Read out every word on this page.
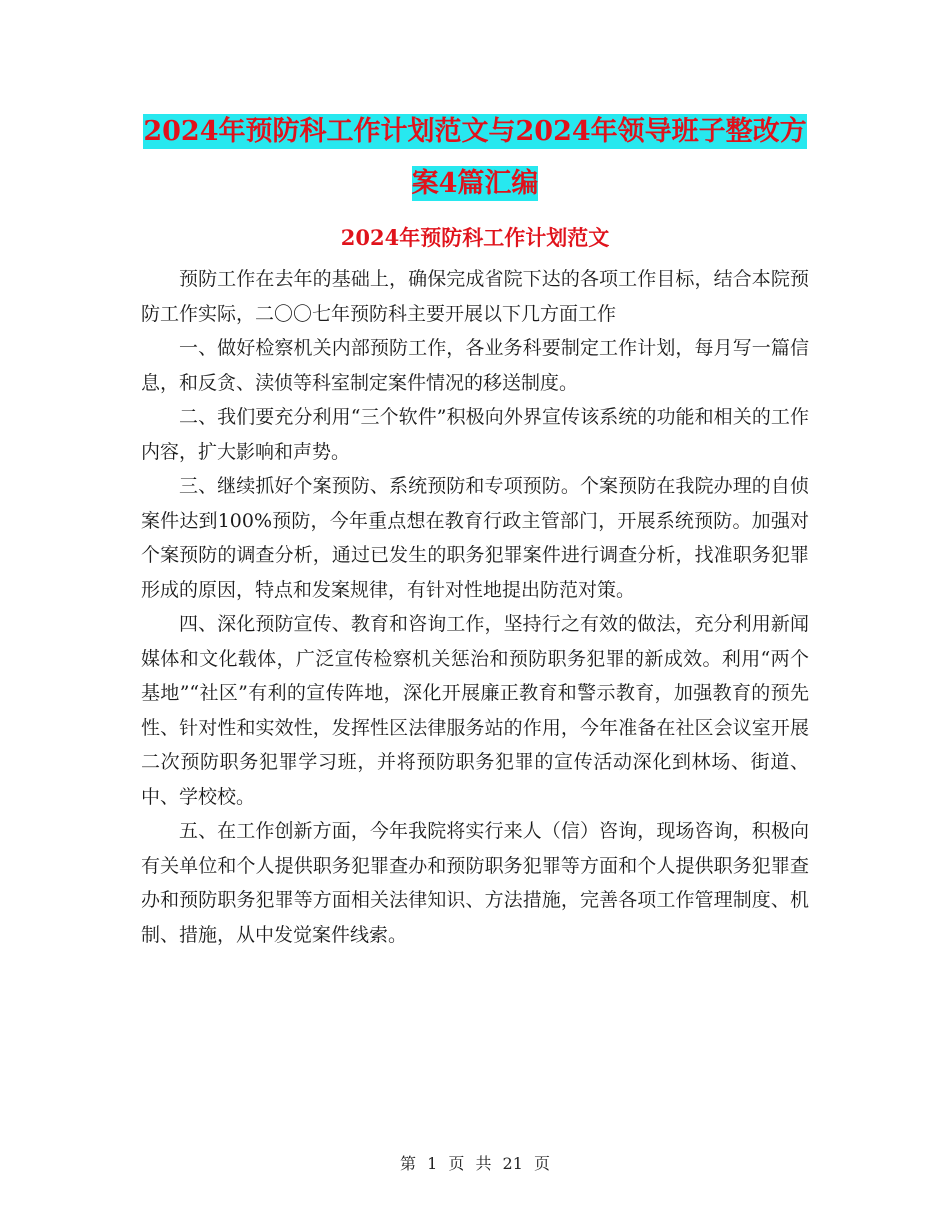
2024年预防科工作计划范文与2024年领导班子整改方
案4篇汇编
2024年预防科工作计划范文

预防工作在去年的基础上，确保完成省院下达的各项工作目标，结合本院预防工作实际，二〇〇七年预防科主要开展以下几方面工作

一、做好检察机关内部预防工作，各业务科要制定工作计划，每月写一篇信息，和反贪、渎侦等科室制定案件情况的移送制度。

二、我们要充分利用“三个软件”积极向外界宣传该系统的功能和相关的工作内容，扩大影响和声势。

三、继续抓好个案预防、系统预防和专项预防。个案预防在我院办理的自侦案件达到100%预防，今年重点想在教育行政主管部门，开展系统预防。加强对个案预防的调查分析，通过已发生的职务犯罪案件进行调查分析，找准职务犯罪形成的原因，特点和发案规律，有针对性地提出防范对策。

四、深化预防宣传、教育和咨询工作，坚持行之有效的做法，充分利用新闻媒体和文化载体，广泛宣传检察机关惩治和预防职务犯罪的新成效。利用“两个基地”“社区”有利的宣传阵地，深化开展廉正教育和警示教育，加强教育的预先性、针对性和实效性，发挥性区法律服务站的作用，今年准备在社区会议室开展二次预防职务犯罪学习班，并将预防职务犯罪的宣传活动深化到林场、街道、中、学校校。

五、在工作创新方面，今年我院将实行来人（信）咨询，现场咨询，积极向有关单位和个人提供职务犯罪查办和预防职务犯罪等方面和个人提供职务犯罪查办和预防职务犯罪等方面相关法律知识、方法措施，完善各项工作管理制度、机制、措施，从中发觉案件线索。

第 1 页 共 21 页
